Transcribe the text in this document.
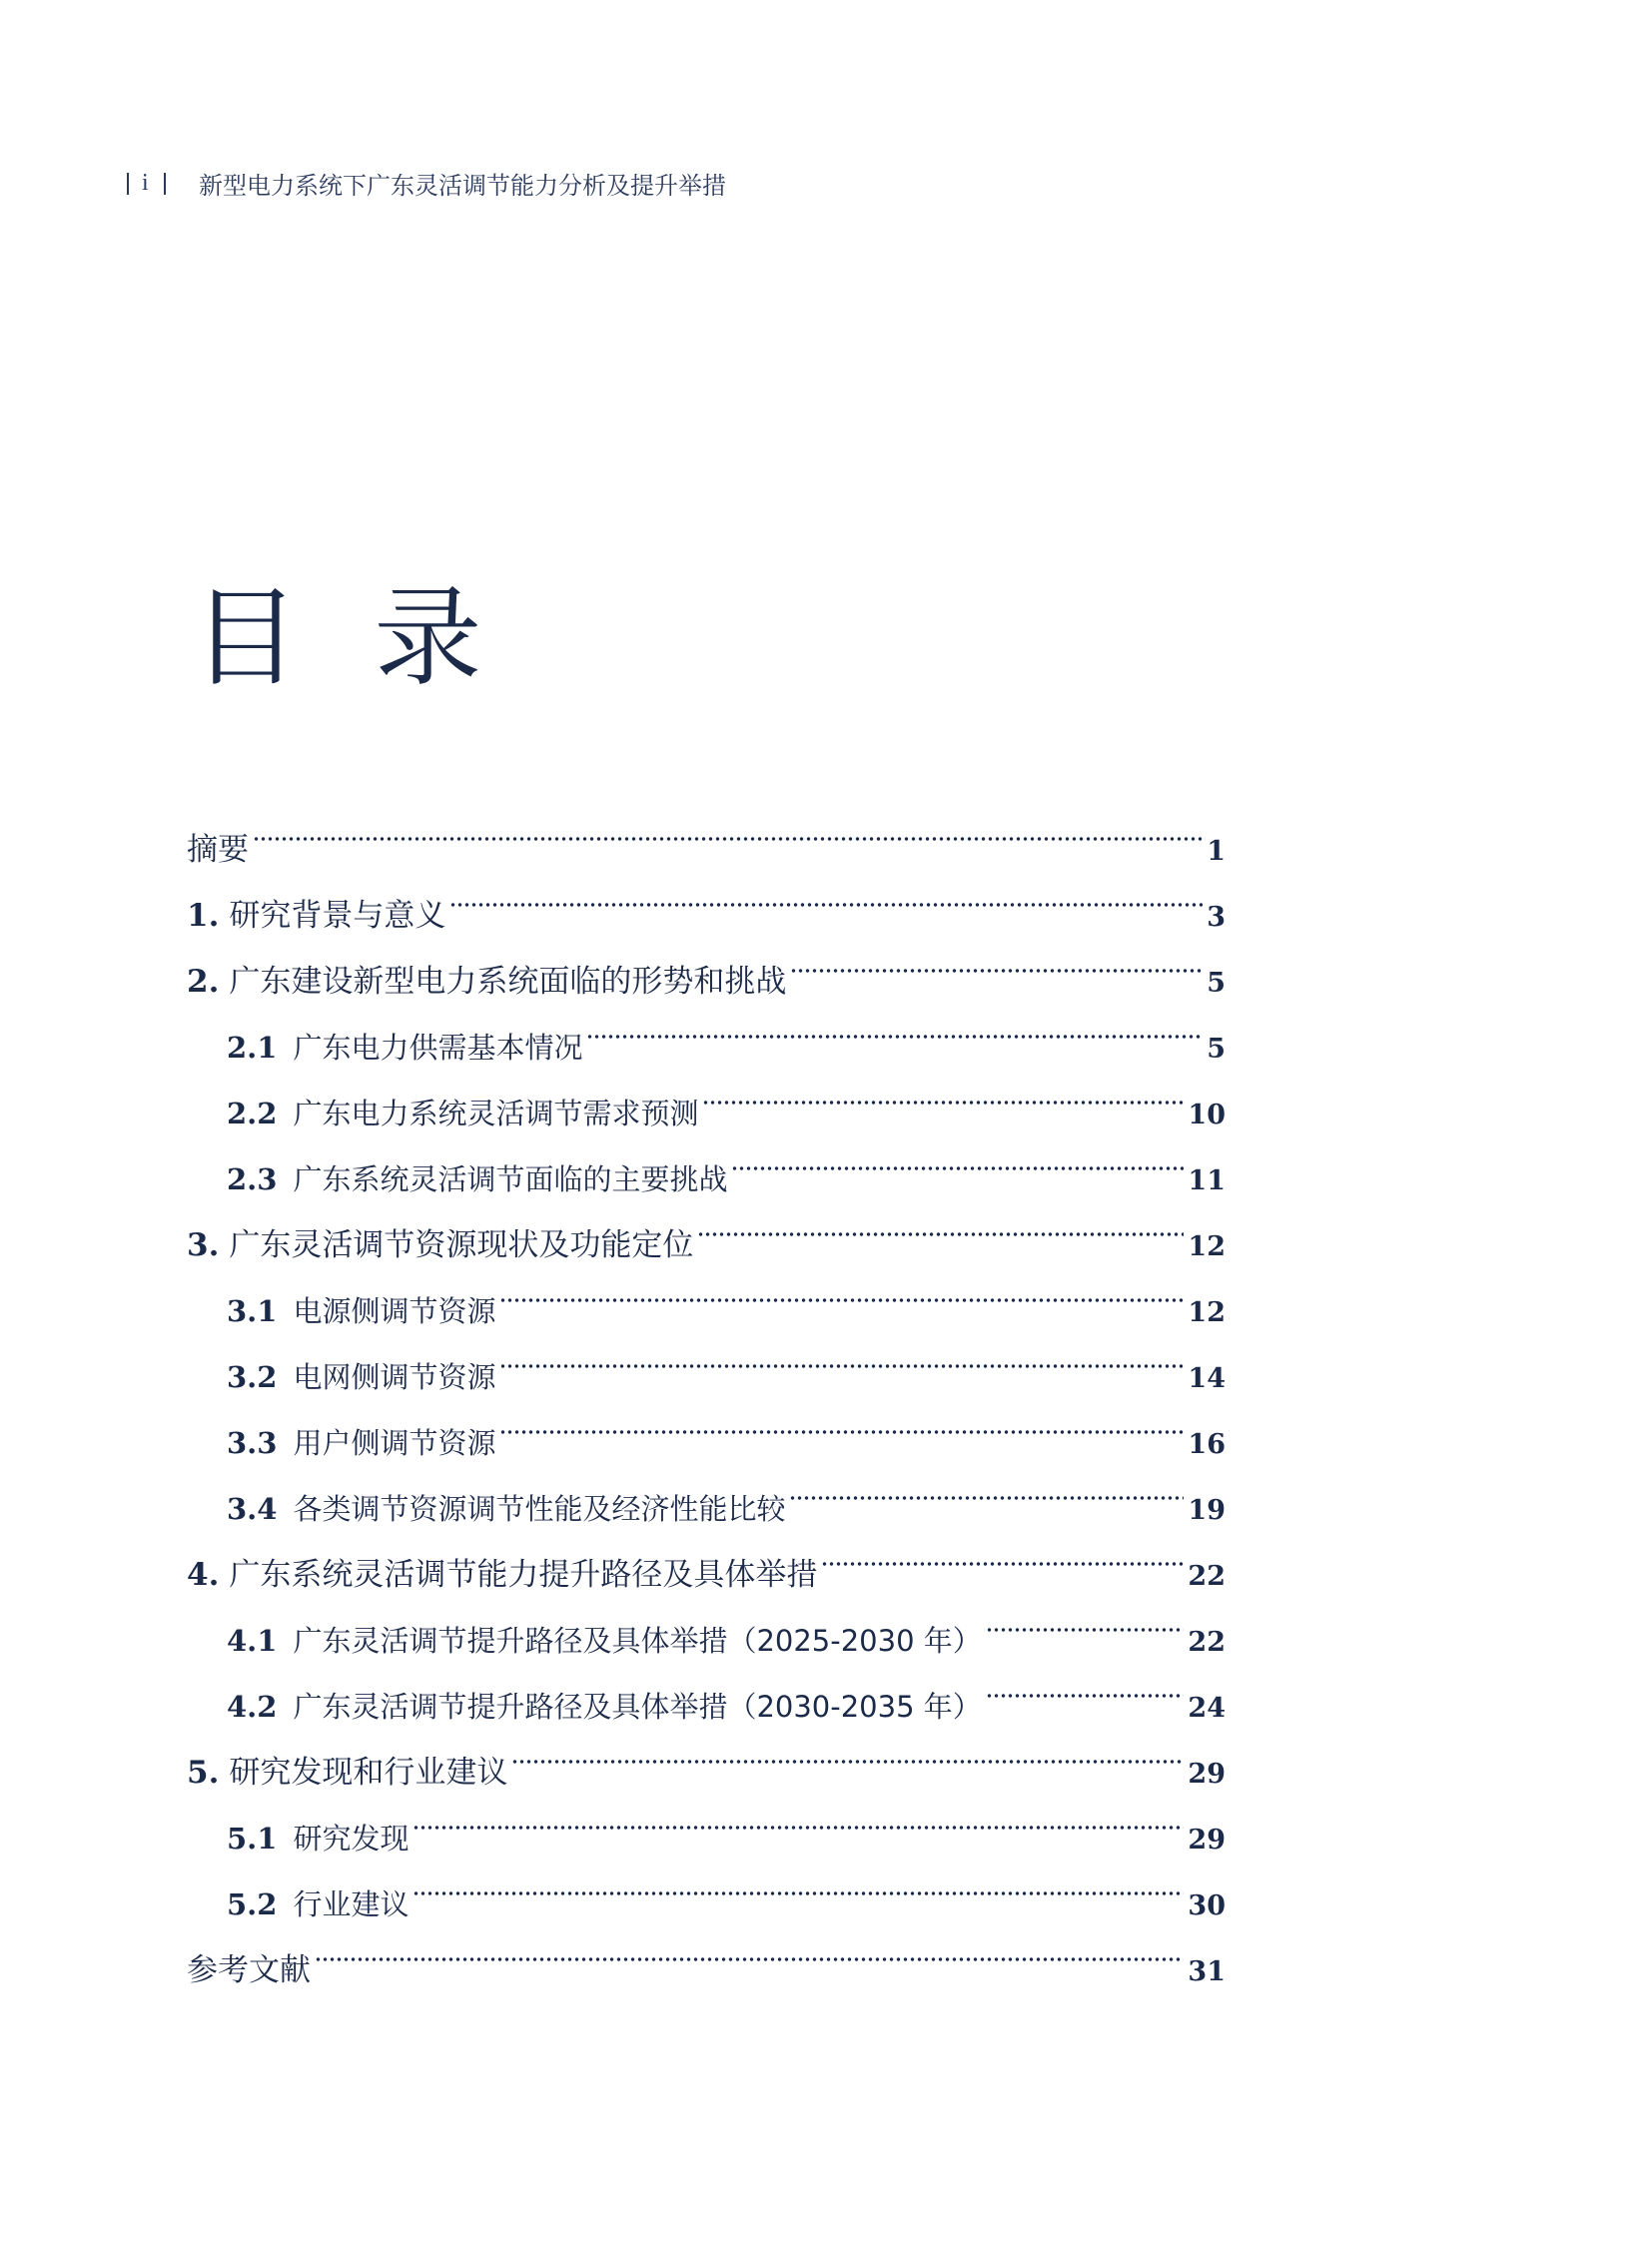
i 新型电力系统下广东灵活调节能力分析及提升举措
目 录
摘要	1
1. 研究背景与意义	3
2. 广东建设新型电力系统面临的形势和挑战	5
2.1 广东电力供需基本情况	5
2.2 广东电力系统灵活调节需求预测	10
2.3 广东系统灵活调节面临的主要挑战	11
3. 广东灵活调节资源现状及功能定位	12
3.1 电源侧调节资源	12
3.2 电网侧调节资源	14
3.3 用户侧调节资源	16
3.4 各类调节资源调节性能及经济性能比较	19
4. 广东系统灵活调节能力提升路径及具体举措	22
4.1 广东灵活调节提升路径及具体举措（2025-2030 年）	22
4.2 广东灵活调节提升路径及具体举措（2030-2035 年）	24
5. 研究发现和行业建议	29
5.1 研究发现	29
5.2 行业建议	30
参考文献	31
